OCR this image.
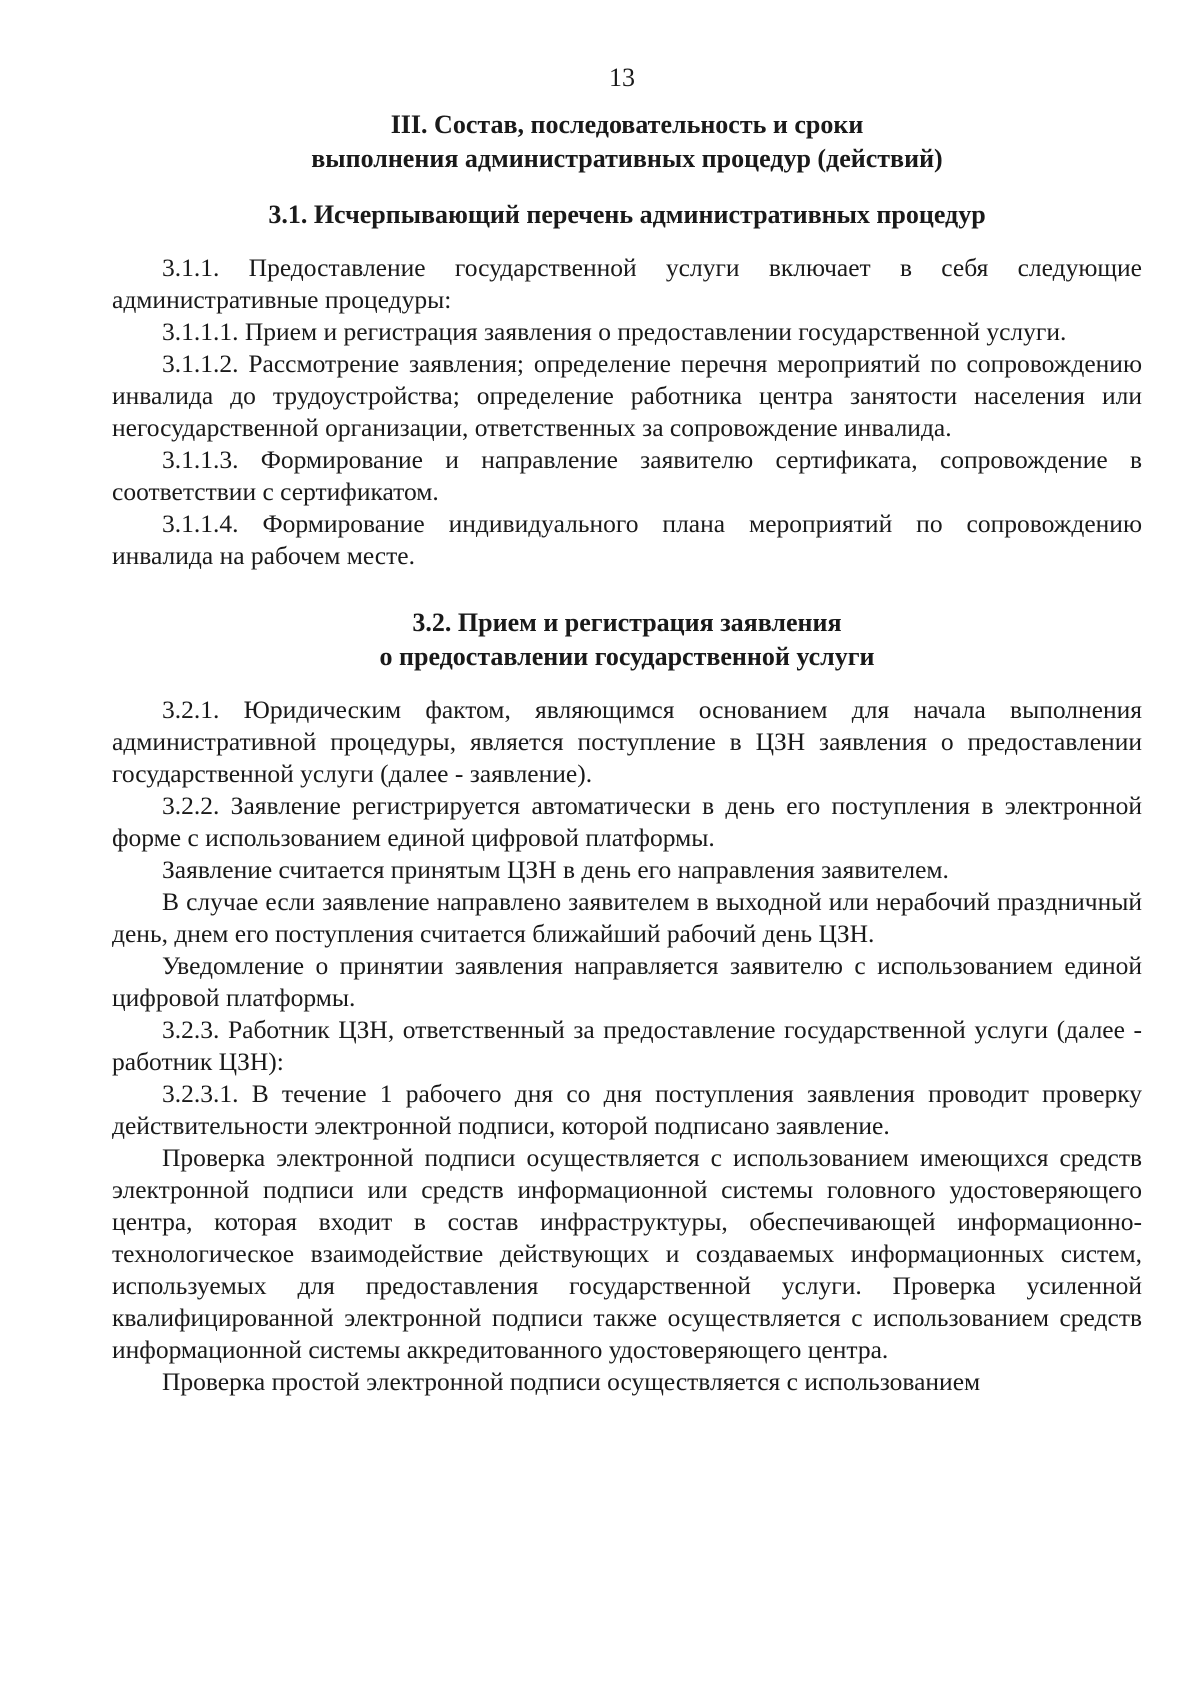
13
III. Состав, последовательность и сроки
выполнения административных процедур (действий)
3.1. Исчерпывающий перечень административных процедур

3.1.1. Предоставление государственной услуги включает в себя следующие административные процедуры:

3.1.1.1. Прием и регистрация заявления о предоставлении государственной услуги.

3.1.1.2. Рассмотрение заявления; определение перечня мероприятий по сопровождению инвалида до трудоустройства; определение работника центра занятости населения или негосударственной организации, ответственных за сопровождение инвалида.

3.1.1.3. Формирование и направление заявителю сертификата, сопровождение в соответствии с сертификатом.

3.1.1.4. Формирование индивидуального плана мероприятий по сопровождению инвалида на рабочем месте.

3.2. Прием и регистрация заявления
о предоставлении государственной услуги

3.2.1. Юридическим фактом, являющимся основанием для начала выполнения административной процедуры, является поступление в ЦЗН заявления о предоставлении государственной услуги (далее - заявление).

3.2.2. Заявление регистрируется автоматически в день его поступления в электронной форме с использованием единой цифровой платформы.

Заявление считается принятым ЦЗН в день его направления заявителем.

В случае если заявление направлено заявителем в выходной или нерабочий праздничный день, днем его поступления считается ближайший рабочий день ЦЗН.

Уведомление о принятии заявления направляется заявителю с использованием единой цифровой платформы.

3.2.3. Работник ЦЗН, ответственный за предоставление государственной услуги (далее - работник ЦЗН):

3.2.3.1. В течение 1 рабочего дня со дня поступления заявления проводит проверку действительности электронной подписи, которой подписано заявление.

Проверка электронной подписи осуществляется с использованием имеющихся средств электронной подписи или средств информационной системы головного удостоверяющего центра, которая входит в состав инфраструктуры, обеспечивающей информационно-технологическое взаимодействие действующих и создаваемых информационных систем, используемых для предоставления государственной услуги. Проверка усиленной квалифицированной электронной подписи также осуществляется с использованием средств информационной системы аккредитованного удостоверяющего центра.

Проверка простой электронной подписи осуществляется с использованием
